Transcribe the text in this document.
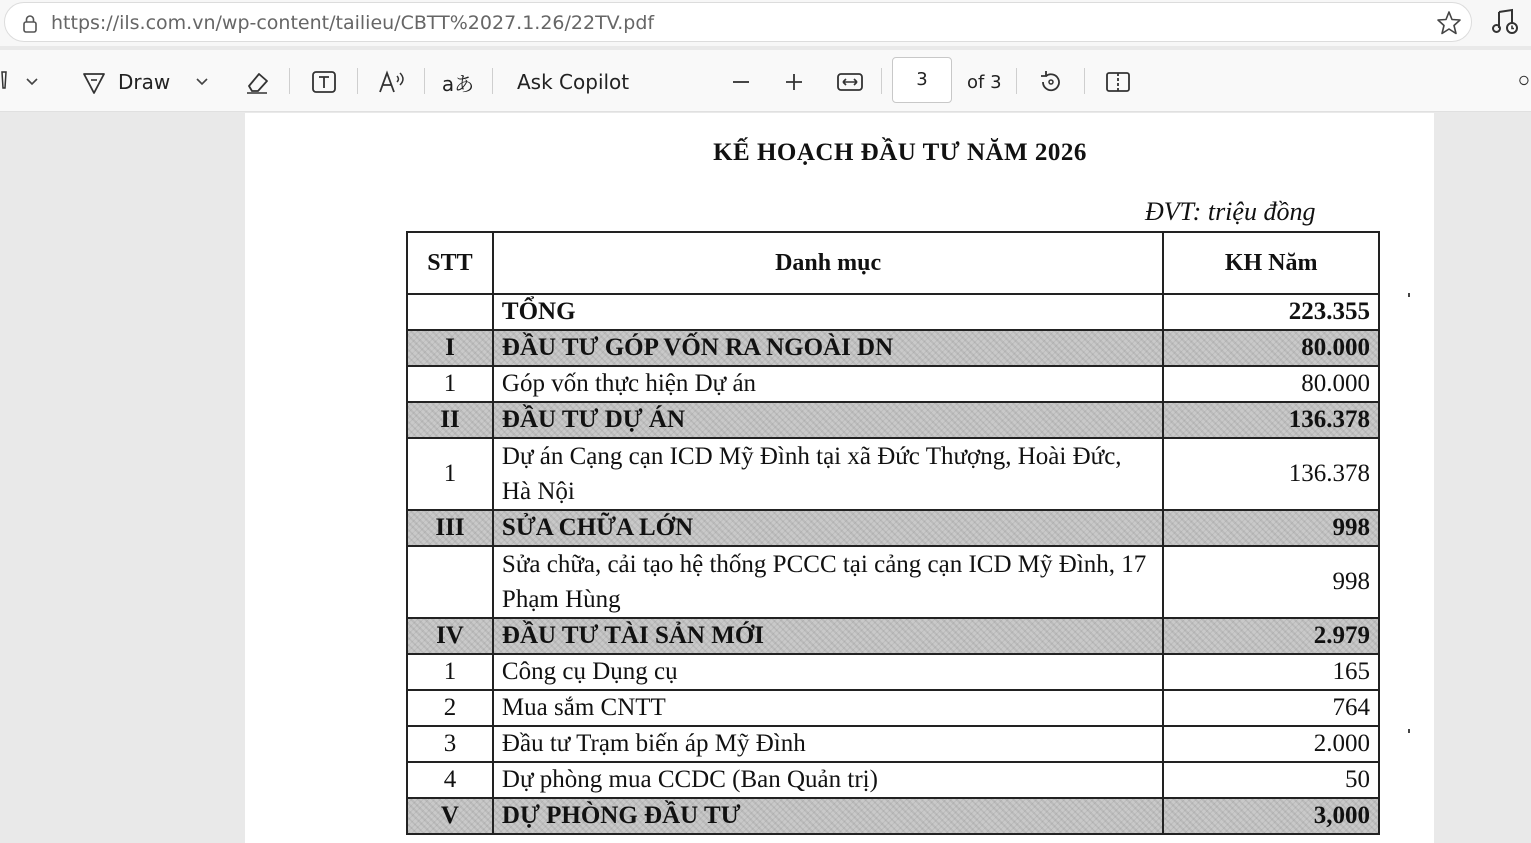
https://ils.com.vn/wp-content/tailieu/CBTT%2027.1.26/22TV.pdf
Draw	aあ Ask Copilot	3	of 3
KẾ HOẠCH ĐẦU TƯ NĂM 2026
ĐVT: triệu đồng
STT	Danh mục	KH Năm
	TỔNG	223.355
I	ĐẦU TƯ GÓP VỐN RA NGOÀI DN	80.000
1	Góp vốn thực hiện Dự án	80.000
II	ĐẦU TƯ DỰ ÁN	136.378
1	Dự án Cạng cạn ICD Mỹ Đình tại xã Đức Thượng, Hoài Đức, Hà Nội	136.378
III	SỬA CHỮA LỚN	998
	Sửa chữa, cải tạo hệ thống PCCC tại cảng cạn ICD Mỹ Đình, 17 Phạm Hùng	998
IV	ĐẦU TƯ TÀI SẢN MỚI	2.979
1	Công cụ Dụng cụ	165
2	Mua sắm CNTT	764
3	Đầu tư Trạm biến áp Mỹ Đình	2.000
4	Dự phòng mua CCDC (Ban Quản trị)	50
V	DỰ PHÒNG ĐẦU TƯ	3,000
